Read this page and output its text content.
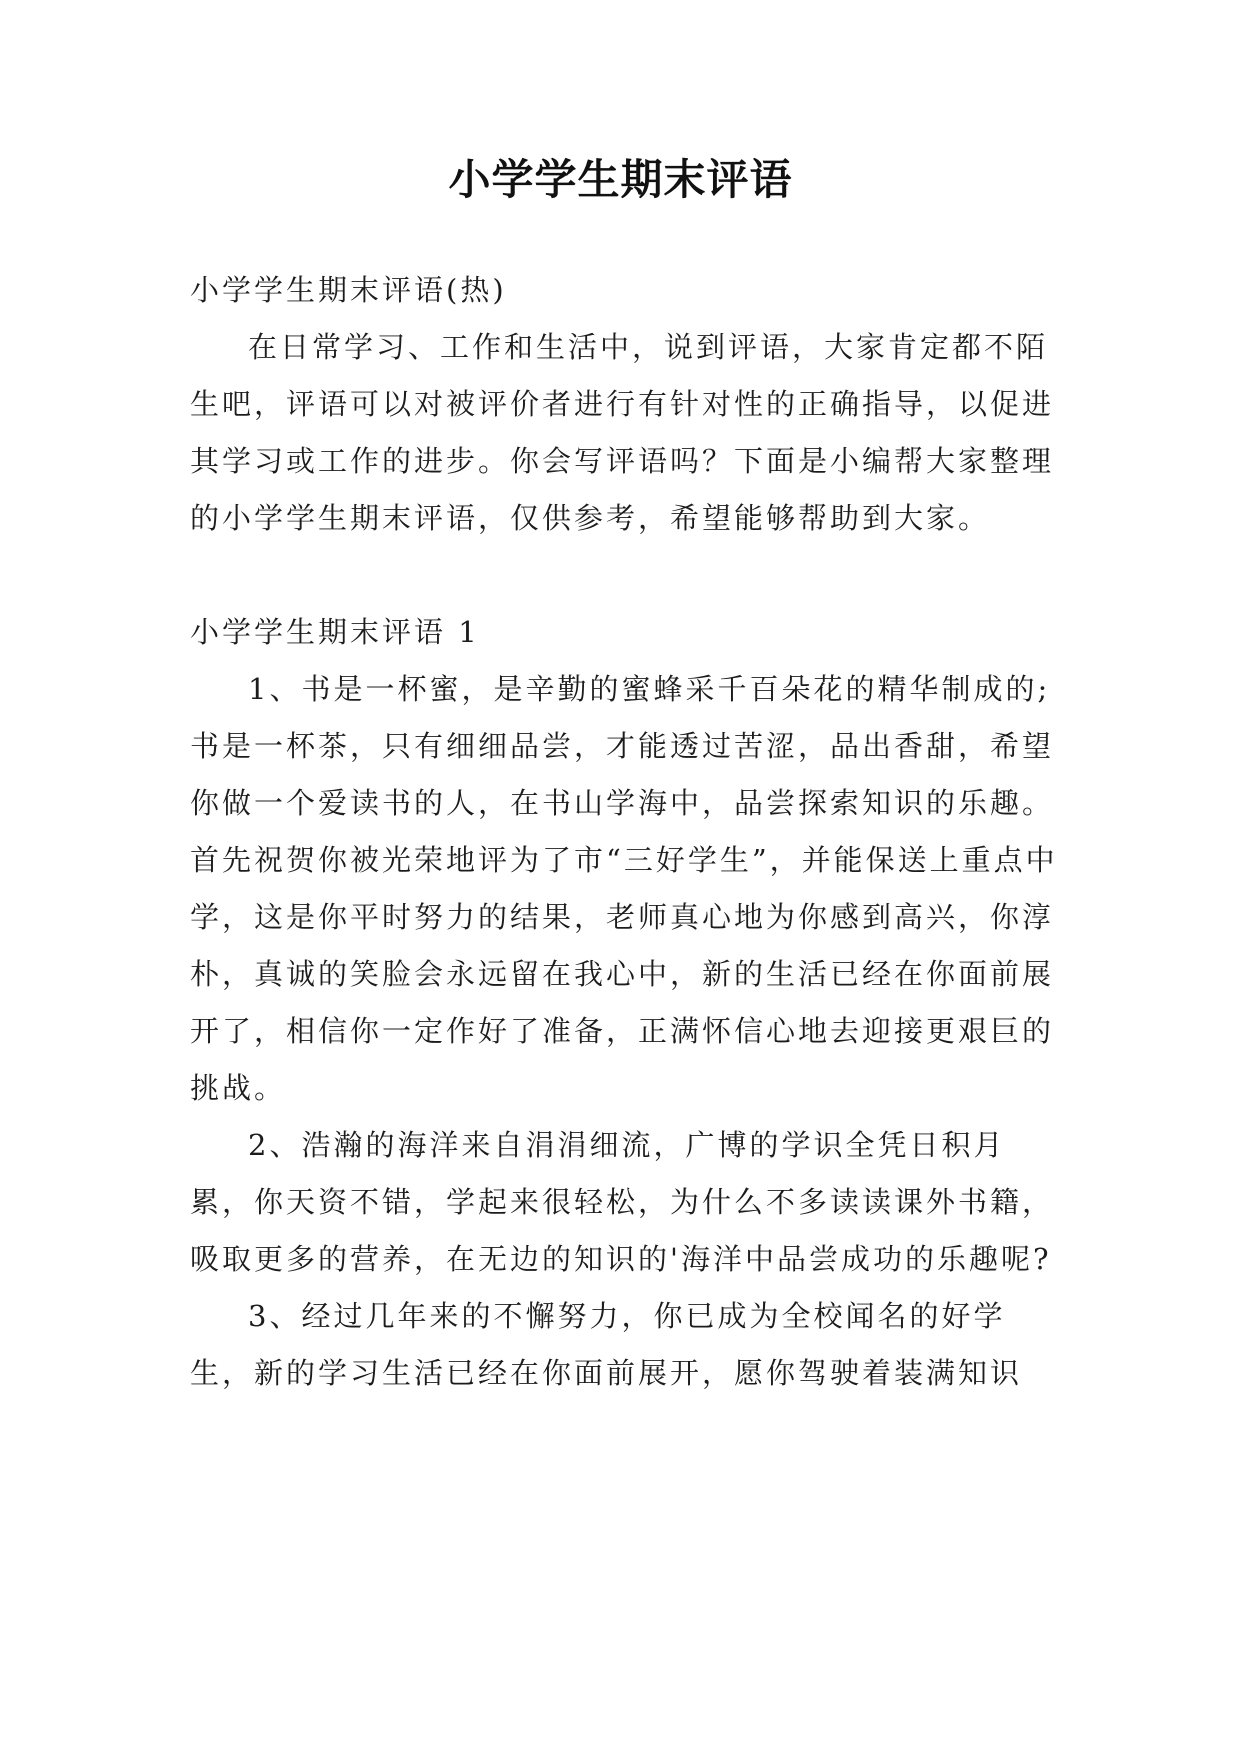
小学学生期末评语

小学学生期末评语(热)

在日常学习、工作和生活中，说到评语，大家肯定都不陌生吧，评语可以对被评价者进行有针对性的正确指导，以促进其学习或工作的进步。你会写评语吗？下面是小编帮大家整理的小学学生期末评语，仅供参考，希望能够帮助到大家。

小学学生期末评语 1

1、书是一杯蜜，是辛勤的蜜蜂采千百朵花的精华制成的;书是一杯茶，只有细细品尝，才能透过苦涩，品出香甜，希望你做一个爱读书的人，在书山学海中，品尝探索知识的乐趣。首先祝贺你被光荣地评为了市“三好学生”，并能保送上重点中学，这是你平时努力的结果，老师真心地为你感到高兴，你淳朴，真诚的笑脸会永远留在我心中，新的生活已经在你面前展开了，相信你一定作好了准备，正满怀信心地去迎接更艰巨的挑战。

2、浩瀚的海洋来自涓涓细流，广博的学识全凭日积月累，你天资不错，学起来很轻松，为什么不多读读课外书籍，吸取更多的营养，在无边的知识的'海洋中品尝成功的乐趣呢?

3、经过几年来的不懈努力，你已成为全校闻名的好学生，新的学习生活已经在你面前展开，愿你驾驶着装满知识
